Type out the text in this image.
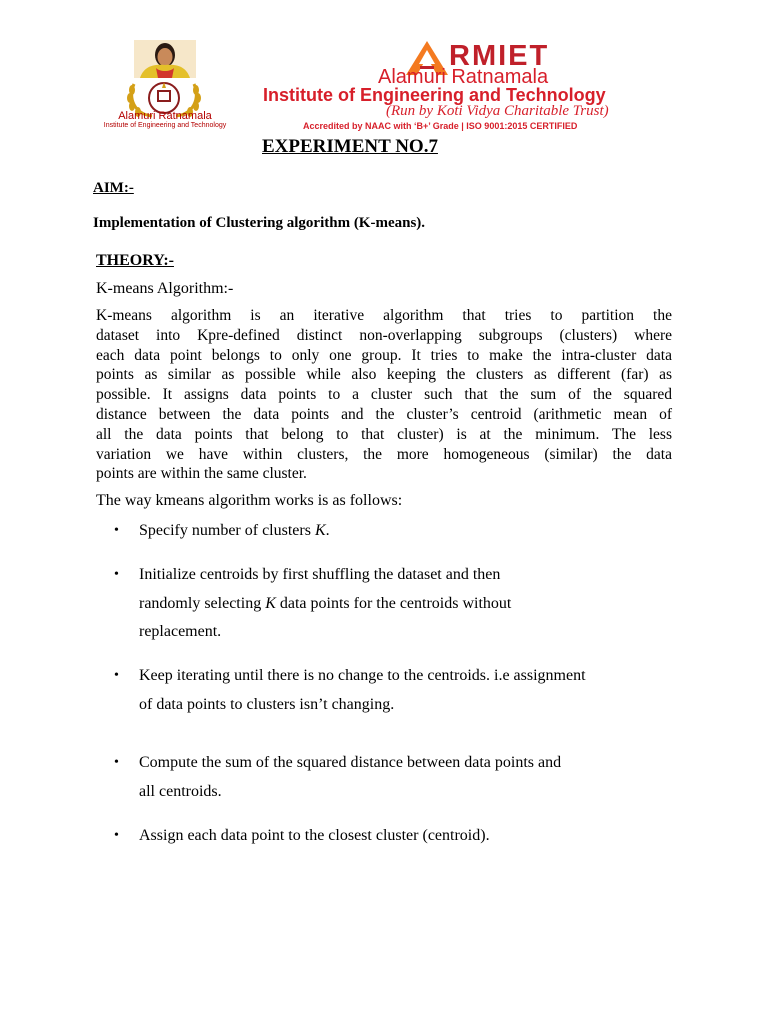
Alamuri Ratnamala
Institute of Engineering and Technology
RMIET
Alamuri Ratnamala
Institute of Engineering and Technology
(Run by Koti Vidya Charitable Trust)
Accredited by NAAC with ‘B+’ Grade | ISO 9001:2015 CERTIFIED
EXPERIMENT NO.7
AIM:-
Implementation of Clustering algorithm (K-means).
THEORY:-
K-means Algorithm:-
K-means algorithm is an iterative algorithm that tries to partition the
dataset into Kpre-defined distinct non-overlapping subgroups (clusters) where
each data point belongs to only one group. It tries to make the intra-cluster data
points as similar as possible while also keeping the clusters as different (far) as
possible. It assigns data points to a cluster such that the sum of the squared
distance between the data points and the cluster’s centroid (arithmetic mean of
all the data points that belong to that cluster) is at the minimum. The less
variation we have within clusters, the more homogeneous (similar) the data
points are within the same cluster.
The way kmeans algorithm works is as follows:
• Specify number of clusters K.
• Initialize centroids by first shuffling the dataset and then
randomly selecting K data points for the centroids without
replacement.
• Keep iterating until there is no change to the centroids. i.e assignment
of data points to clusters isn’t changing.
• Compute the sum of the squared distance between data points and
all centroids.
• Assign each data point to the closest cluster (centroid).
